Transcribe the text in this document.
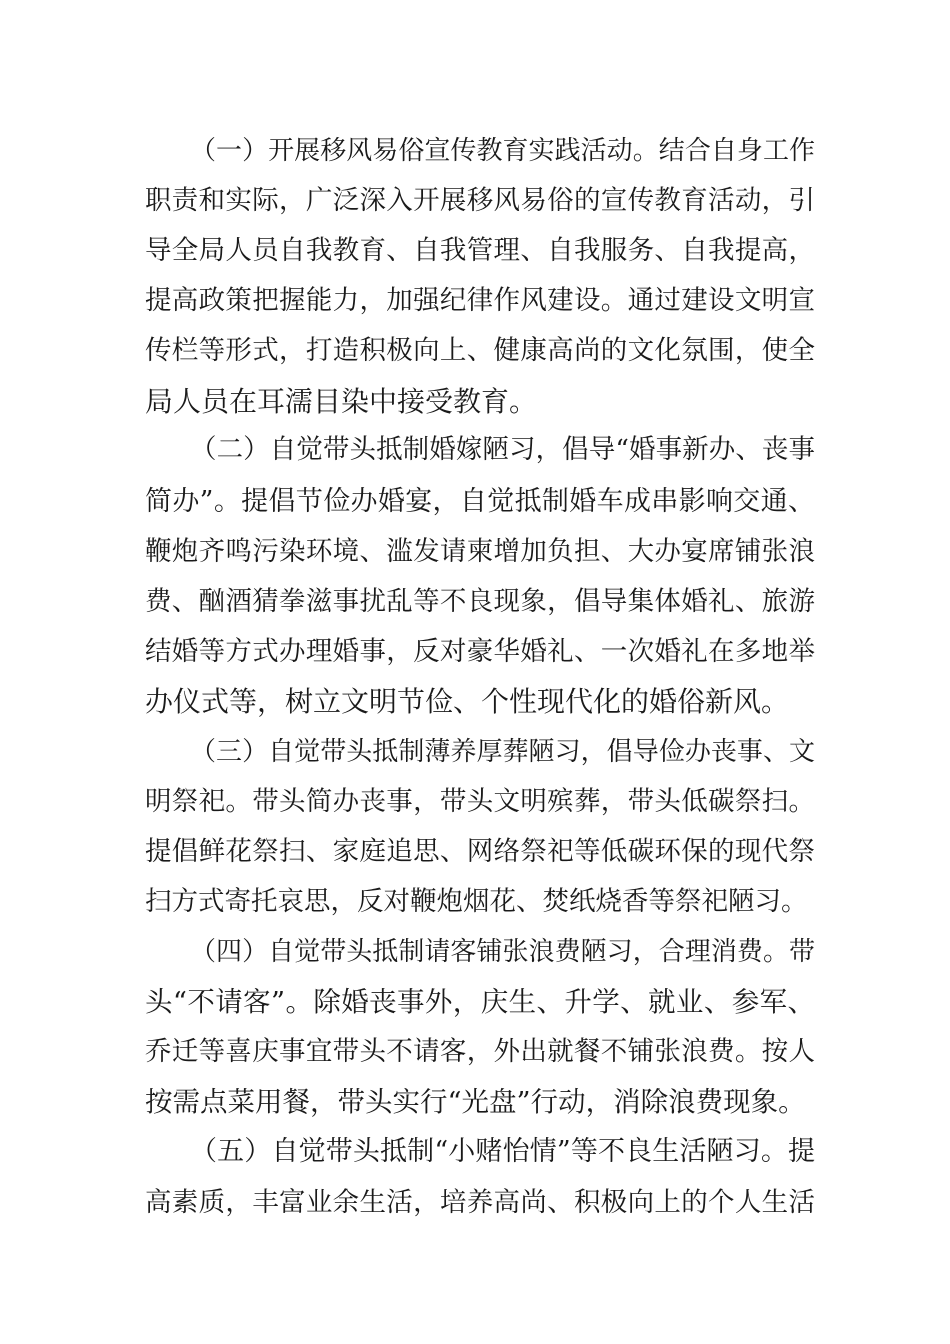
（一）开展移风易俗宣传教育实践活动。结合自身工作
职责和实际，广泛深入开展移风易俗的宣传教育活动，引
导全局人员自我教育、自我管理、自我服务、自我提高，
提高政策把握能力，加强纪律作风建设。通过建设文明宣
传栏等形式，打造积极向上、健康高尚的文化氛围，使全
局人员在耳濡目染中接受教育。
（二）自觉带头抵制婚嫁陋习，倡导“婚事新办、丧事
简办”。提倡节俭办婚宴，自觉抵制婚车成串影响交通、
鞭炮齐鸣污染环境、滥发请柬增加负担、大办宴席铺张浪
费、酗酒猜拳滋事扰乱等不良现象，倡导集体婚礼、旅游
结婚等方式办理婚事，反对豪华婚礼、一次婚礼在多地举
办仪式等，树立文明节俭、个性现代化的婚俗新风。
（三）自觉带头抵制薄养厚葬陋习，倡导俭办丧事、文
明祭祀。带头简办丧事，带头文明殡葬，带头低碳祭扫。
提倡鲜花祭扫、家庭追思、网络祭祀等低碳环保的现代祭
扫方式寄托哀思，反对鞭炮烟花、焚纸烧香等祭祀陋习。
（四）自觉带头抵制请客铺张浪费陋习，合理消费。带
头“不请客”。除婚丧事外，庆生、升学、就业、参军、
乔迁等喜庆事宜带头不请客，外出就餐不铺张浪费。按人
按需点菜用餐，带头实行“光盘”行动，消除浪费现象。
（五）自觉带头抵制“小赌怡情”等不良生活陋习。提
高素质，丰富业余生活，培养高尚、积极向上的个人生活
